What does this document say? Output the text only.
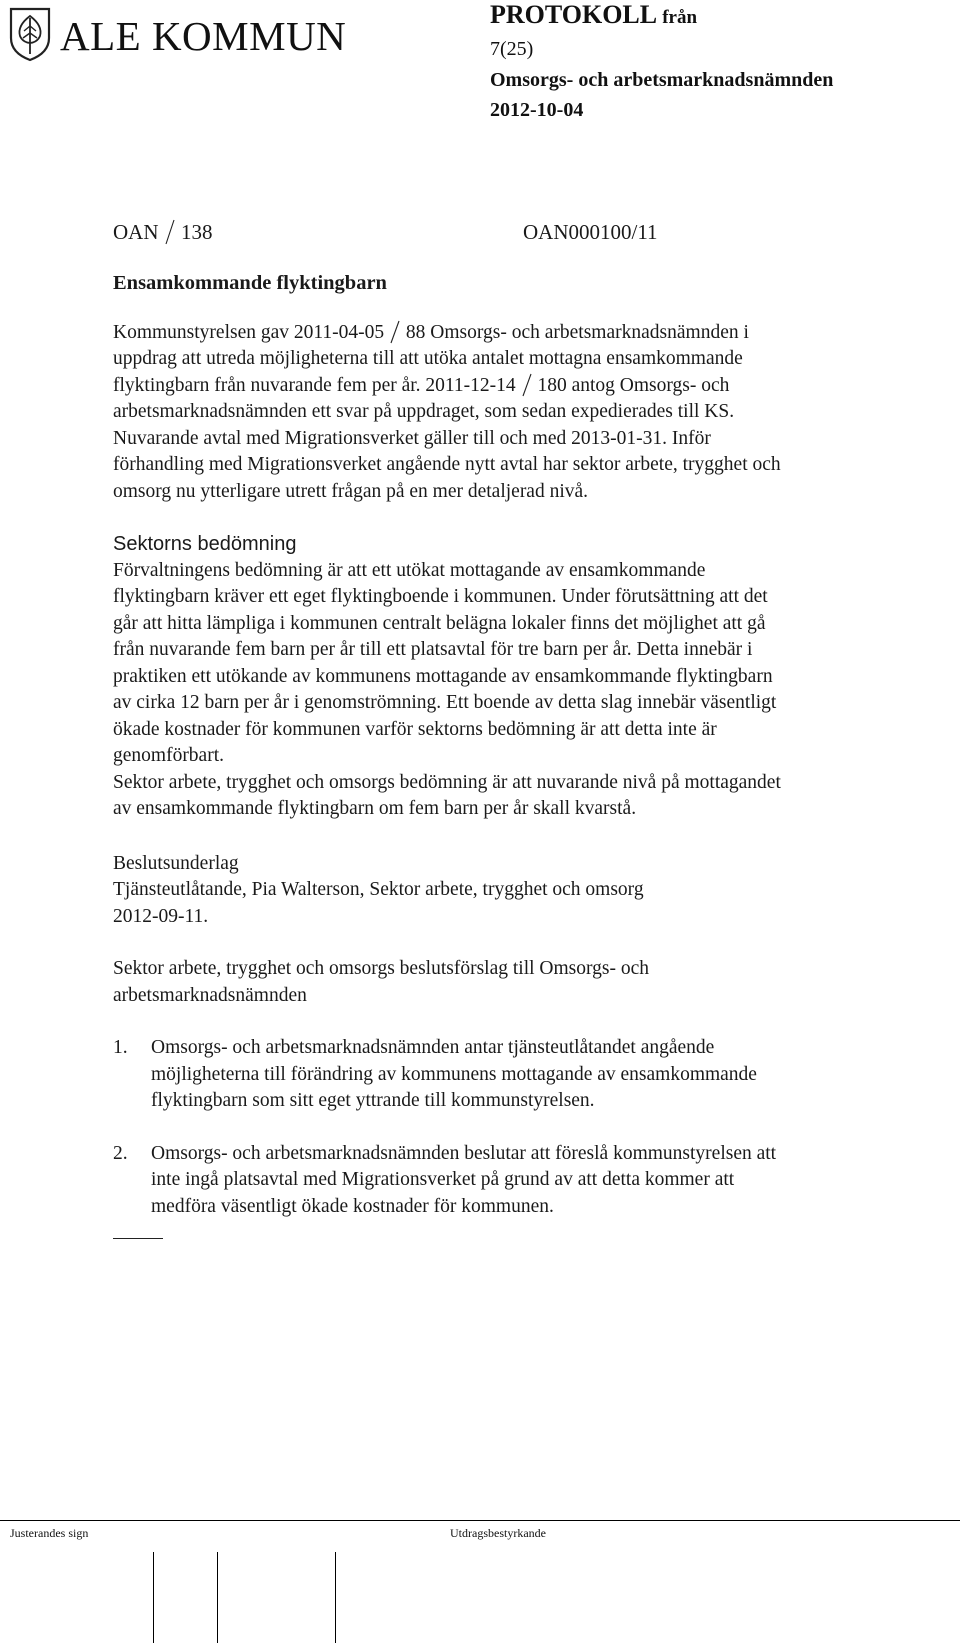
ALE KOMMUN	PROTOKOLL från
7(25)
Omsorgs- och arbetsmarknadsnämnden
2012-10-04
OAN 138	OAN000100/11
Ensamkommande flyktingbarn
Kommunstyrelsen gav 2011-04-05  88 Omsorgs- och arbetsmarknadsnämnden i
uppdrag att utreda möjligheterna till att utöka antalet mottagna ensamkommande
flyktingbarn från nuvarande fem per år. 2011-12-14  180 antog Omsorgs- och
arbetsmarknadsnämnden ett svar på uppdraget, som sedan expedierades till KS.
Nuvarande avtal med Migrationsverket gäller till och med 2013-01-31. Inför
förhandling med Migrationsverket angående nytt avtal har sektor arbete, trygghet och
omsorg nu ytterligare utrett frågan på en mer detaljerad nivå.
Sektorns bedömning
Förvaltningens bedömning är att ett utökat mottagande av ensamkommande
flyktingbarn kräver ett eget flyktingboende i kommunen. Under förutsättning att det
går att hitta lämpliga i kommunen centralt belägna lokaler finns det möjlighet att gå
från nuvarande fem barn per år till ett platsavtal för tre barn per år. Detta innebär i
praktiken ett utökande av kommunens mottagande av ensamkommande flyktingbarn
av cirka 12 barn per år i genomströmning. Ett boende av detta slag innebär väsentligt
ökade kostnader för kommunen varför sektorns bedömning är att detta inte är
genomförbart.
Sektor arbete, trygghet och omsorgs bedömning är att nuvarande nivå på mottagandet
av ensamkommande flyktingbarn om fem barn per år skall kvarstå.
Beslutsunderlag
Tjänsteutlåtande, Pia Walterson, Sektor arbete, trygghet och omsorg
2012-09-11.
Sektor arbete, trygghet och omsorgs beslutsförslag till Omsorgs- och
arbetsmarknadsnämnden
1. Omsorgs- och arbetsmarknadsnämnden antar tjänsteutlåtandet angående
möjligheterna till förändring av kommunens mottagande av ensamkommande
flyktingbarn som sitt eget yttrande till kommunstyrelsen.
2. Omsorgs- och arbetsmarknadsnämnden beslutar att föreslå kommunstyrelsen att
inte ingå platsavtal med Migrationsverket på grund av att detta kommer att
medföra väsentligt ökade kostnader för kommunen.
Justerandes sign	Utdragsbestyrkande
